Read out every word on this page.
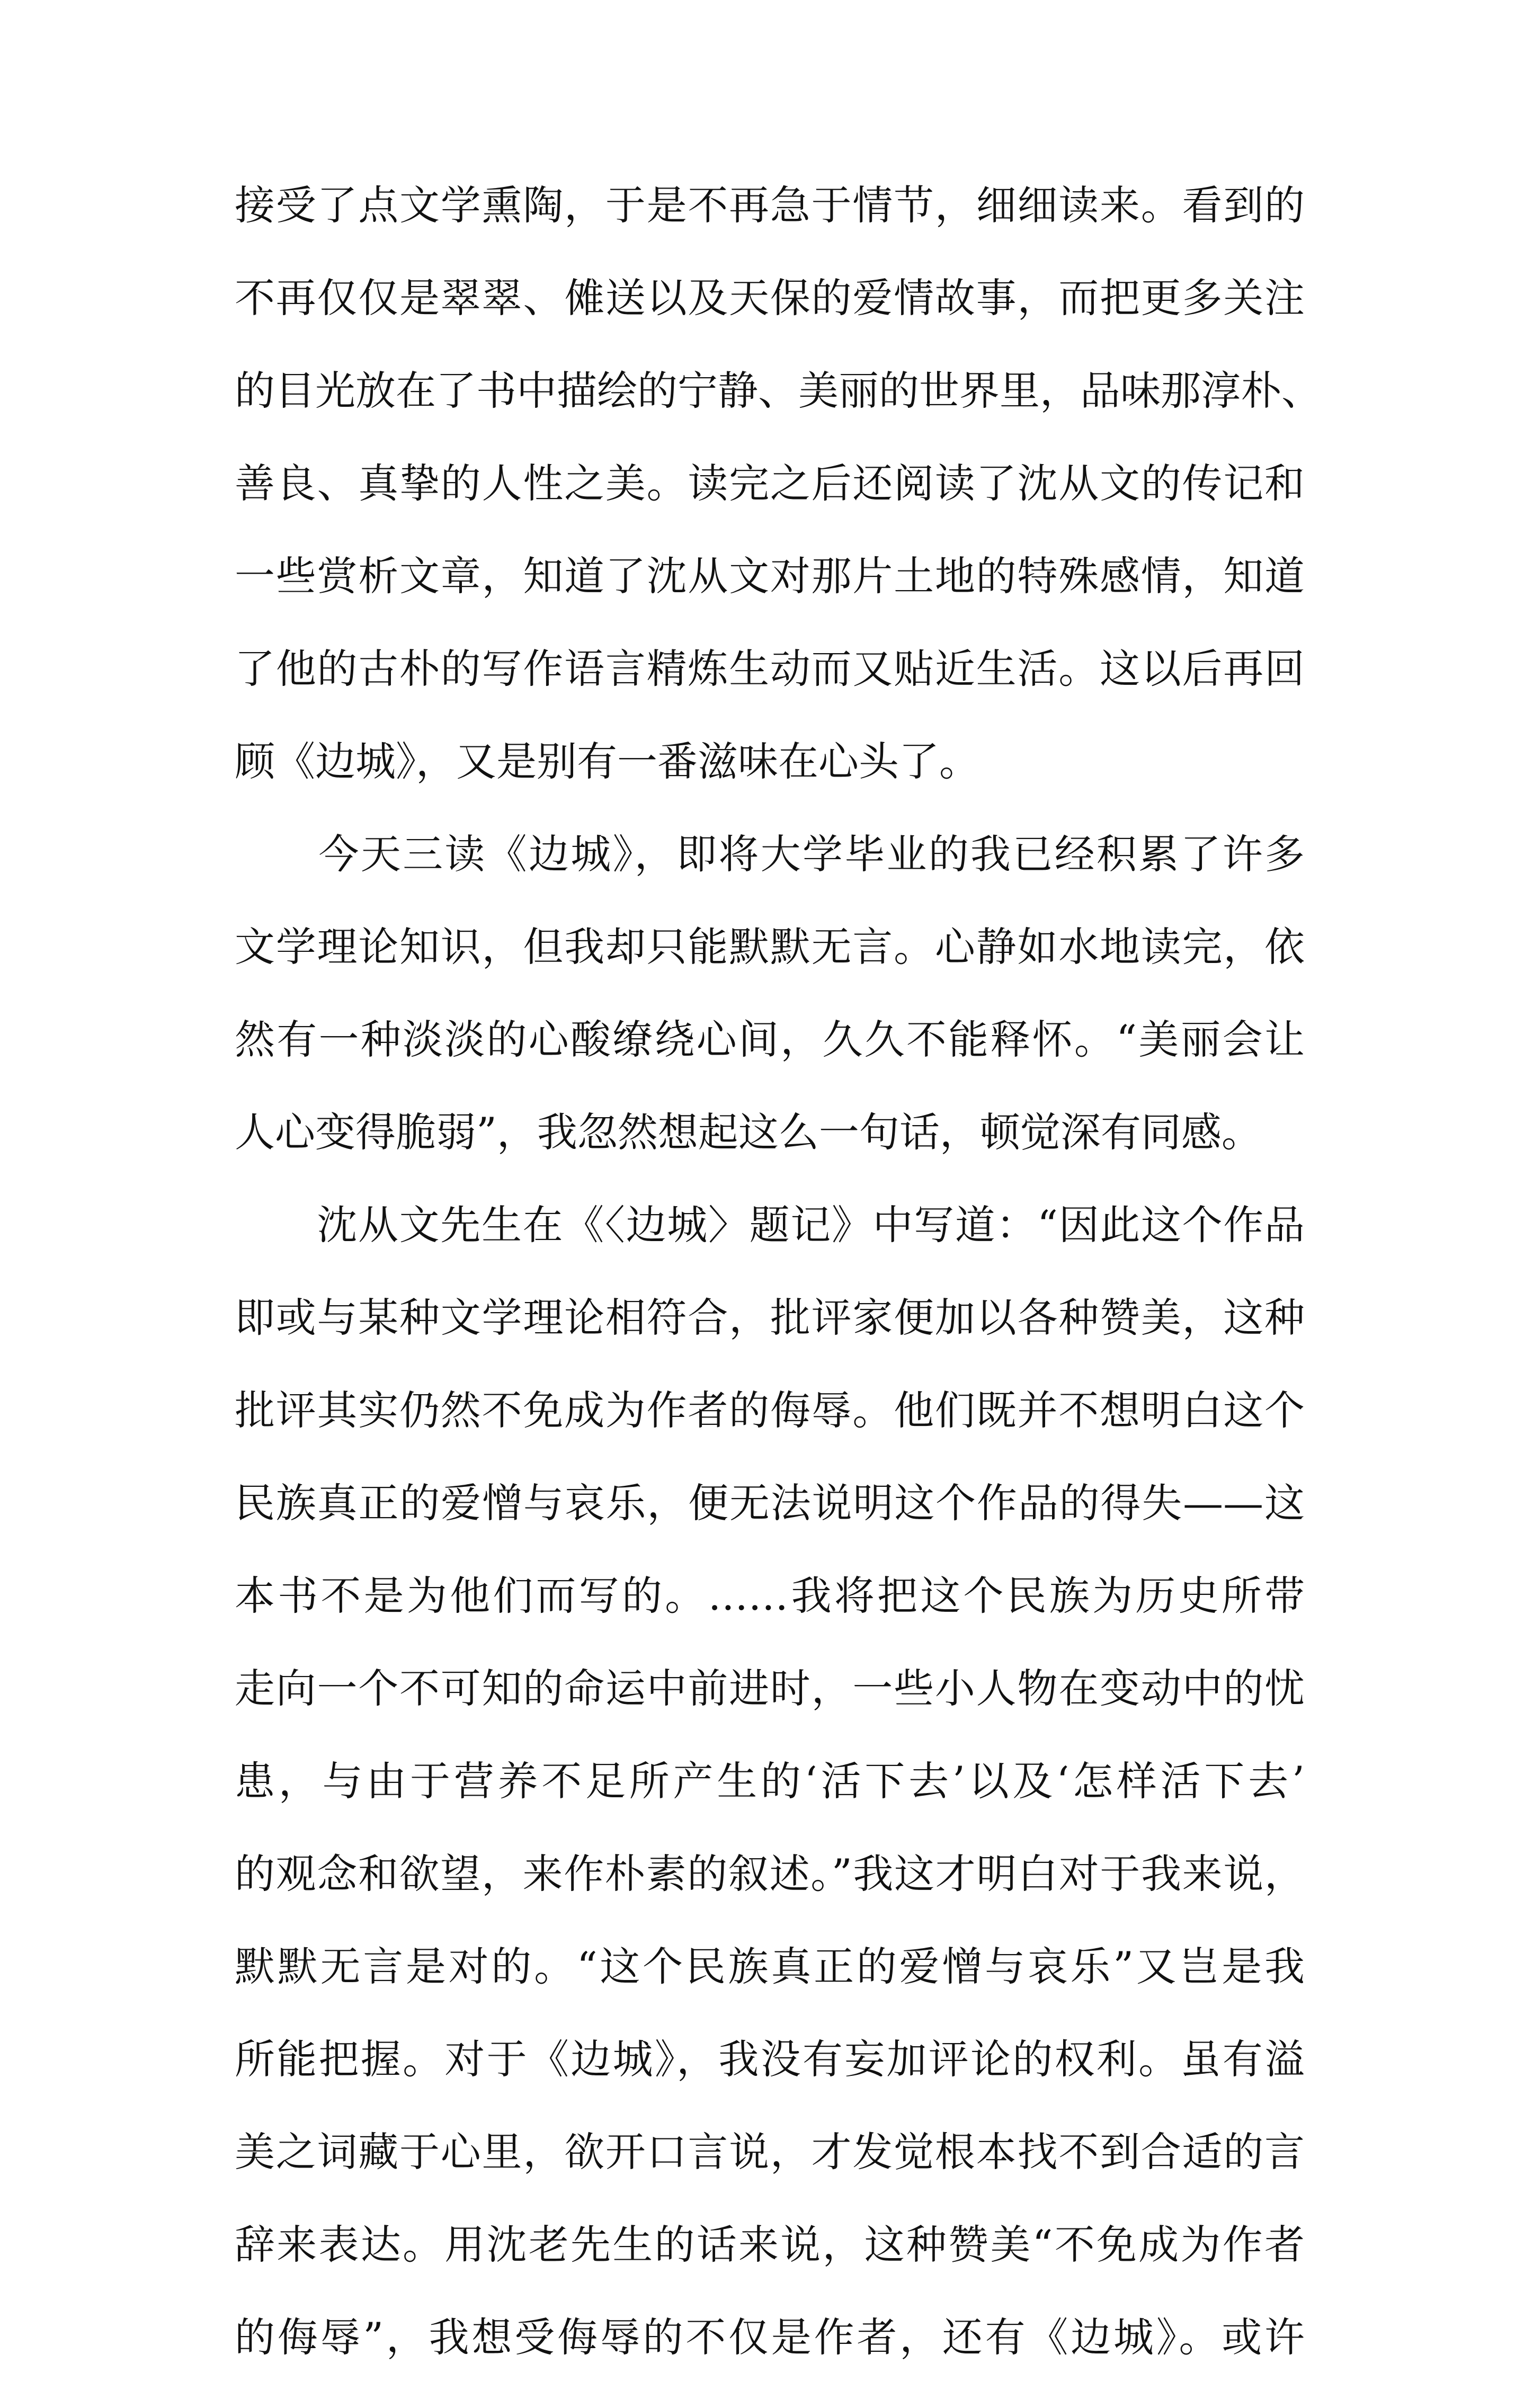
接受了点文学熏陶，于是不再急于情节，细细读来。看到的
不再仅仅是翠翠、傩送以及天保的爱情故事，而把更多关注
的目光放在了书中描绘的宁静、美丽的世界里，品味那淳朴、
善良、真挚的人性之美。读完之后还阅读了沈从文的传记和
一些赏析文章，知道了沈从文对那片土地的特殊感情，知道
了他的古朴的写作语言精炼生动而又贴近生活。这以后再回
顾《边城》，又是别有一番滋味在心头了。
　　今天三读《边城》，即将大学毕业的我已经积累了许多
文学理论知识，但我却只能默默无言。心静如水地读完，依
然有一种淡淡的心酸缭绕心间，久久不能释怀。“美丽会让
人心变得脆弱”，我忽然想起这么一句话，顿觉深有同感。
　　沈从文先生在《〈边城〉题记》中写道：“因此这个作品
即或与某种文学理论相符合，批评家便加以各种赞美，这种
批评其实仍然不免成为作者的侮辱。他们既并不想明白这个
民族真正的爱憎与哀乐，便无法说明这个作品的得失——这
本书不是为他们而写的。……我将把这个民族为历史所带
走向一个不可知的命运中前进时，一些小人物在变动中的忧
患，与由于营养不足所产生的‘活下去’以及‘怎样活下去’
的观念和欲望，来作朴素的叙述。”我这才明白对于我来说，
默默无言是对的。“这个民族真正的爱憎与哀乐”又岂是我
所能把握。对于《边城》，我没有妄加评论的权利。虽有溢
美之词藏于心里，欲开口言说，才发觉根本找不到合适的言
辞来表达。用沈老先生的话来说，这种赞美“不免成为作者
的侮辱”，我想受侮辱的不仅是作者，还有《边城》。或许
